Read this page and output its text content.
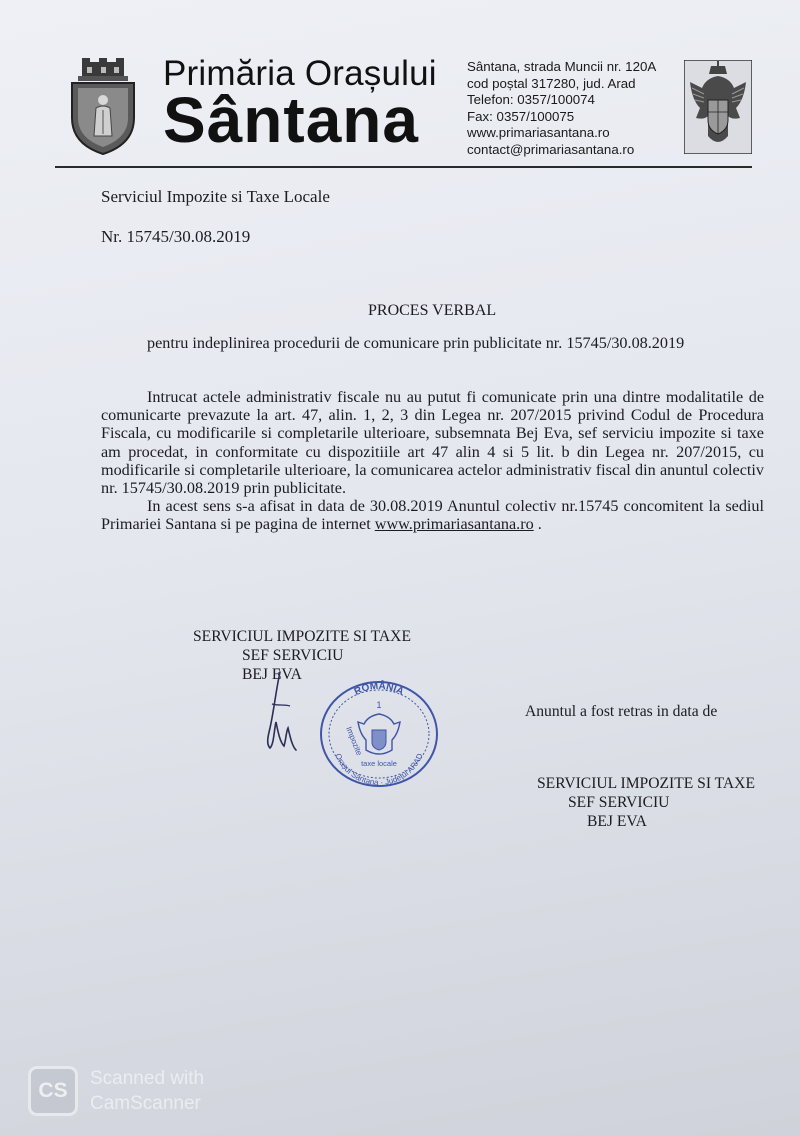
Primăria Orașului
Sântana
Sântana, strada Muncii nr. 120A
cod poștal 317280, jud. Arad
Telefon: 0357/100074
Fax: 0357/100075
www.primariasantana.ro
contact@primariasantana.ro
Serviciul Impozite si Taxe Locale
Nr. 15745/30.08.2019
PROCES VERBAL
pentru indeplinirea procedurii de comunicare prin publicitate nr. 15745/30.08.2019

Intrucat actele administrativ fiscale nu au putut fi comunicate prin una dintre modalitatile de comunicarte prevazute la art. 47, alin. 1, 2, 3 din Legea nr. 207/2015 privind Codul de Procedura Fiscala, cu modificarile si completarile ulterioare, subsemnata Bej Eva, sef serviciu impozite si taxe am procedat, in conformitate cu dispozitiile art 47 alin 4 si 5 lit. b din Legea nr. 207/2015, cu modificarile si completarile ulterioare, la comunicarea actelor administrativ fiscal din anuntul colectiv nr. 15745/30.08.2019 prin publicitate.

In acest sens s-a afisat in data de 30.08.2019 Anuntul colectiv nr.15745 concomitent la sediul Primariei Santana si pe pagina de internet www.primariasantana.ro .

SERVICIUL IMPOZITE SI TAXE
SEF SERVICIU
BEJ EVA
ROMÂNIA
Orașul Sântana · Județul ARAD
1
Impozite
taxe locale
Anuntul a fost retras in data de
SERVICIUL IMPOZITE SI TAXE
SEF SERVICIU
BEJ EVA
CS
Scanned with
CamScanner
